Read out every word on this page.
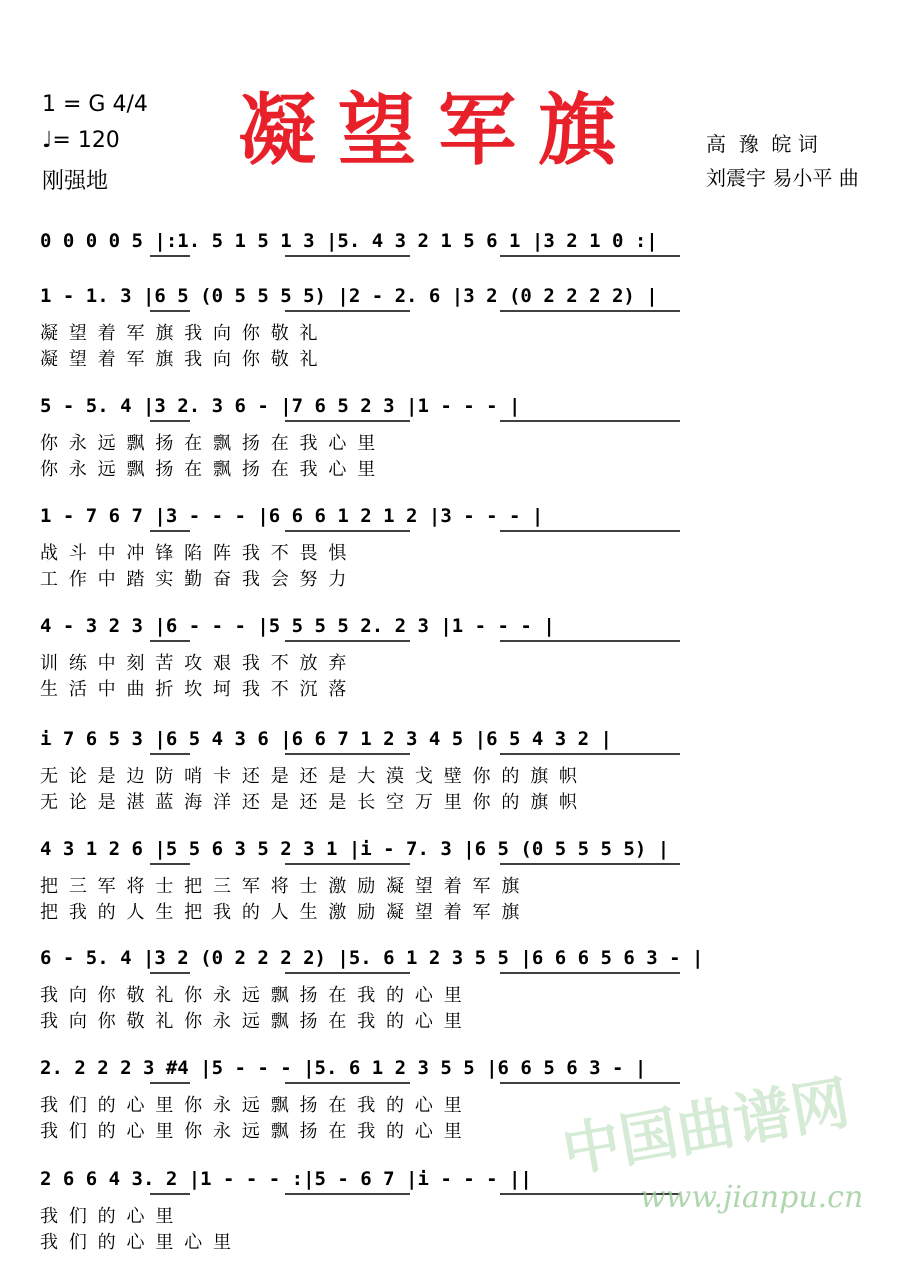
1 = G 4/4
♩= 120
刚强地
凝望军旗	高  豫  皖 词
刘震宇 易小平 曲
0 0 0 0 5 |:1. 5 1 5 1 3 |5. 4 3 2 1 5 6 1 |3 2 1 0 :|
1 - 1. 3 |6 5 (0 5 5 5 5) |2 - 2. 6 |3 2 (0 2 2 2 2) |
凝 望 着 军 旗 我 向 你 敬 礼
凝 望 着 军 旗 我 向 你 敬 礼
5 - 5. 4 |3 2. 3 6 - |7 6 5 2 3 |1 - - - |
你 永 远 飘 扬 在 飘 扬 在 我 心 里
你 永 远 飘 扬 在 飘 扬 在 我 心 里
1 - 7 6 7 |3 - - - |6 6 6 1 2 1 2 |3 - - - |
战 斗 中 冲 锋 陷 阵 我 不 畏 惧
工 作 中 踏 实 勤 奋 我 会 努 力
4 - 3 2 3 |6 - - - |5 5 5 5 2. 2 3 |1 - - - |
训 练 中 刻 苦 攻 艰 我 不 放 弃
生 活 中 曲 折 坎 坷 我 不 沉 落
i 7 6 5 3 |6 5 4 3 6 |6 6 7 1 2 3 4 5 |6 5 4 3 2 |
无 论 是 边 防 哨 卡 还 是 还 是 大 漠 戈 壁 你 的 旗 帜
无 论 是 湛 蓝 海 洋 还 是 还 是 长 空 万 里 你 的 旗 帜
4 3 1 2 6 |5 5 6 3 5 2 3 1 |i - 7. 3 |6 5 (0 5 5 5 5) |
把 三 军 将 士 把 三 军 将 士 激 励 凝 望 着 军 旗
把 我 的 人 生 把 我 的 人 生 激 励 凝 望 着 军 旗
6 - 5. 4 |3 2 (0 2 2 2 2) |5. 6 1 2 3 5 5 |6 6 6 5 6 3 - |
我 向 你 敬 礼 你 永 远 飘 扬 在 我 的 心 里
我 向 你 敬 礼 你 永 远 飘 扬 在 我 的 心 里
2. 2 2 2 3 #4 |5 - - - |5. 6 1 2 3 5 5 |6 6 5 6 3 - |
我 们 的 心 里 你 永 远 飘 扬 在 我 的 心 里
我 们 的 心 里 你 永 远 飘 扬 在 我 的 心 里
2 6 6 4 3. 2 |1 - - - :|5 - 6 7 |i - - - ||
我 们 的 心 里
我 们 的 心 里 心 里
中国曲谱网
www.jianpu.cn
